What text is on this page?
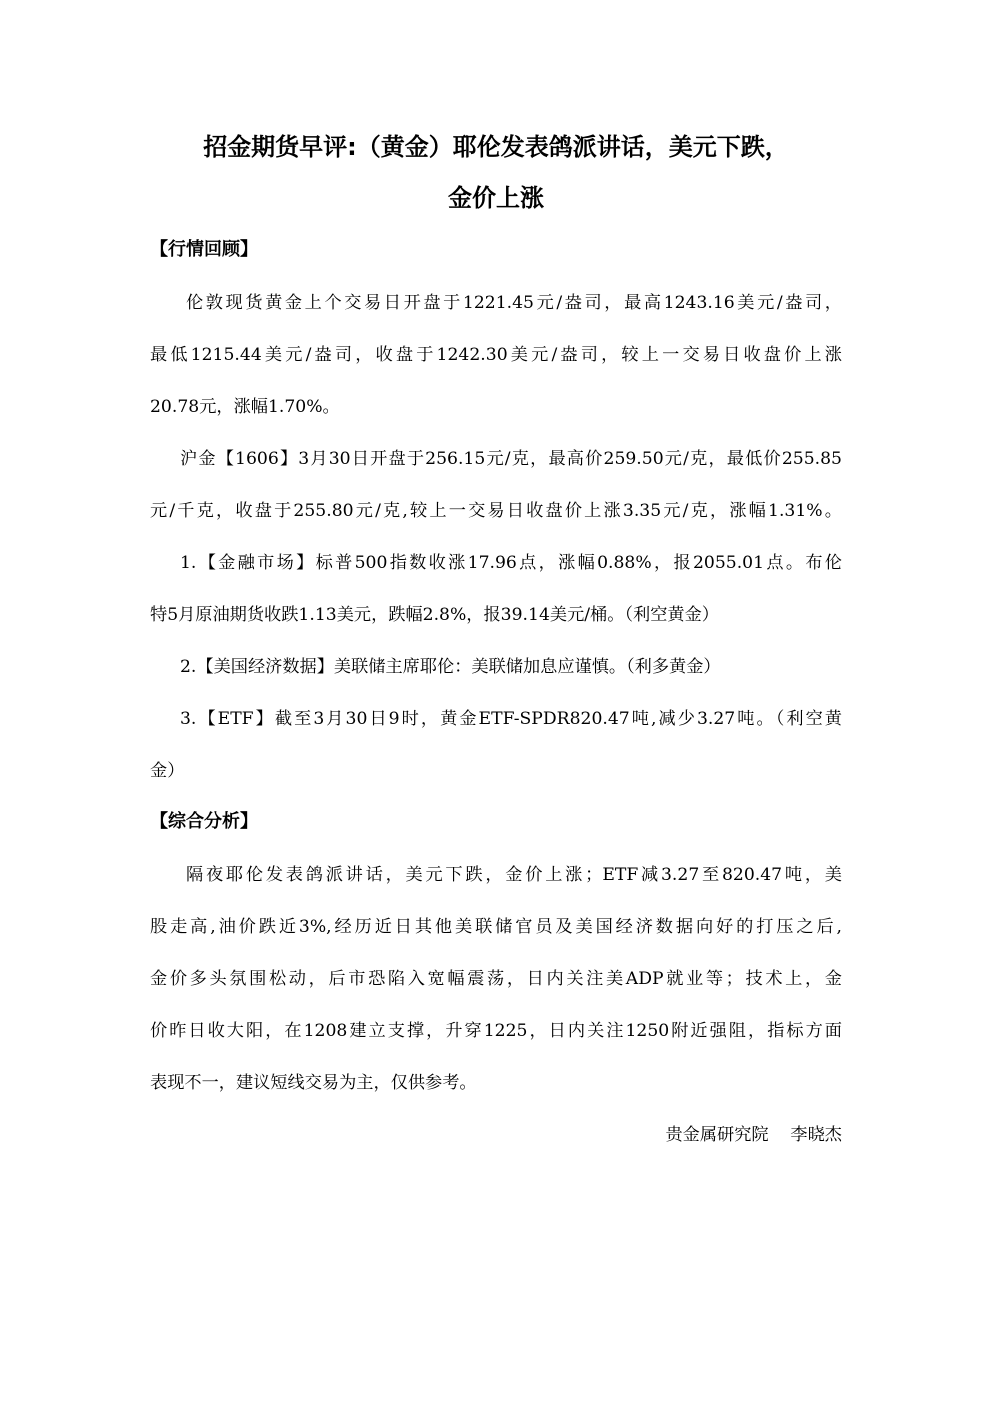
招金期货早评:（黄金）耶伦发表鸽派讲话，美元下跌，
金价上涨
【行情回顾】
伦敦现货黄金上个交易日开盘于1221.45元/盎司，最高1243.16美元/盎司，
最低1215.44美元/盎司，收盘于1242.30美元/盎司，较上一交易日收盘价上涨
20.78元，涨幅1.70%。
沪金【1606】3月30日开盘于256.15元/克，最高价259.50元/克，最低价255.85
元/千克，收盘于255.80元/克,较上一交易日收盘价上涨3.35元/克，涨幅1.31%。
1.【金融市场】标普500指数收涨17.96点，涨幅0.88%，报2055.01点。布伦
特5月原油期货收跌1.13美元，跌幅2.8%，报39.14美元/桶。（利空黄金）
2.【美国经济数据】美联储主席耶伦：美联储加息应谨慎。（利多黄金）
3.【ETF】截至3月30日9时，黄金ETF-SPDR820.47吨,减少3.27吨。（利空黄
金）
【综合分析】
隔夜耶伦发表鸽派讲话，美元下跌，金价上涨；ETF减3.27至820.47吨，美
股走高,油价跌近3%,经历近日其他美联储官员及美国经济数据向好的打压之后,
金价多头氛围松动，后市恐陷入宽幅震荡，日内关注美ADP就业等；技术上，金
价昨日收大阳，在1208建立支撑，升穿1225，日内关注1250附近强阻，指标方面
表现不一，建议短线交易为主，仅供参考。
贵金属研究院    李晓杰
